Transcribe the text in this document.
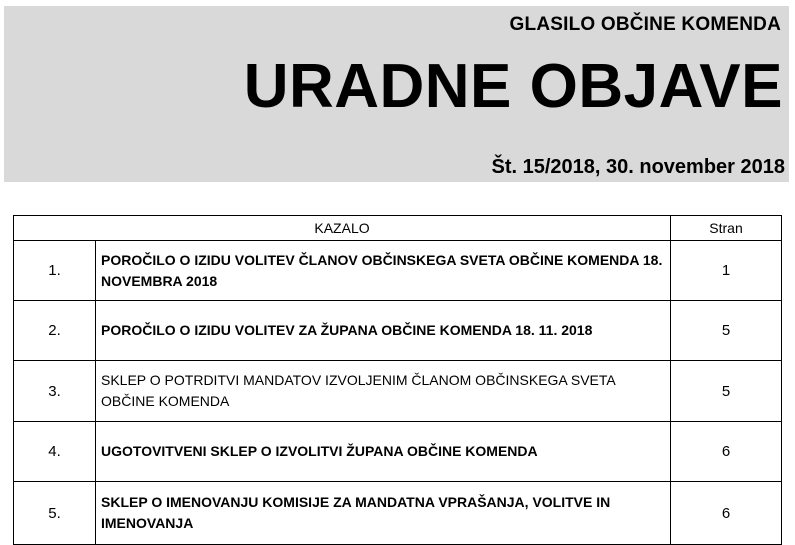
GLASILO OBČINE KOMENDA
URADNE OBJAVE
Št. 15/2018, 30. november 2018
KAZALO		Stran
1.	POROČILO O IZIDU VOLITEV ČLANOV OBČINSKEGA SVETA OBČINE KOMENDA 18. NOVEMBRA 2018	1
2.	POROČILO O IZIDU VOLITEV ZA ŽUPANA OBČINE KOMENDA 18. 11. 2018	5
3.	SKLEP O POTRDITVI MANDATOV IZVOLJENIM ČLANOM OBČINSKEGA SVETA OBČINE KOMENDA	5
4.	UGOTOVITVENI SKLEP O IZVOLITVI ŽUPANA OBČINE KOMENDA	6
5.	SKLEP O IMENOVANJU KOMISIJE ZA MANDATNA VPRAŠANJA, VOLITVE IN IMENOVANJA	6
